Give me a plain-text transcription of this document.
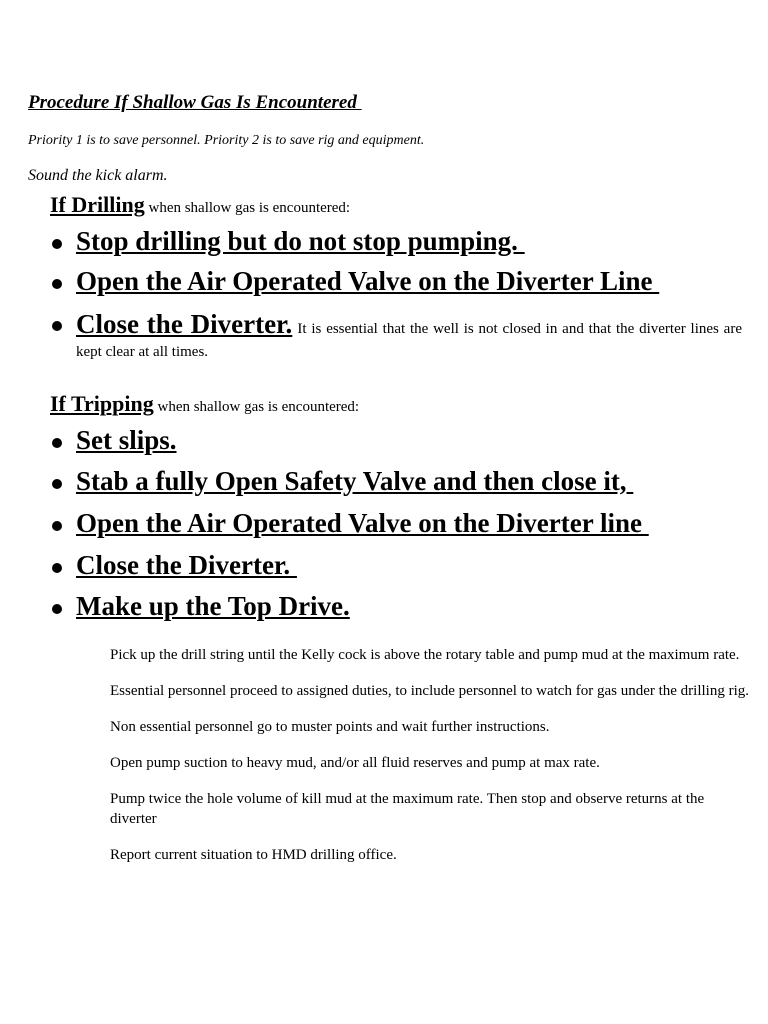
Procedure If Shallow Gas Is Encountered
Priority 1 is to save personnel. Priority 2 is to save rig and equipment.
Sound the kick alarm.
If Drilling when shallow gas is encountered:
Stop drilling but do not stop pumping.
Open the Air Operated Valve on the Diverter Line
Close the Diverter. It is essential that the well is not closed in and that the diverter lines are kept clear at all times.
If Tripping when shallow gas is encountered:
Set slips.
Stab a fully Open Safety Valve and then close it,
Open the Air Operated Valve on the Diverter line
Close the Diverter.
Make up the Top Drive.

Pick up the drill string until the Kelly cock is above the rotary table and pump mud at the maximum rate.

Essential personnel proceed to assigned duties, to include personnel to watch for gas under the drilling rig.

Non essential personnel go to muster points and wait further instructions.

Open pump suction to heavy mud, and/or all fluid reserves and pump at max rate.

Pump twice the hole volume of kill mud at the maximum rate. Then stop and observe returns at the diverter

Report current situation to HMD drilling office.
